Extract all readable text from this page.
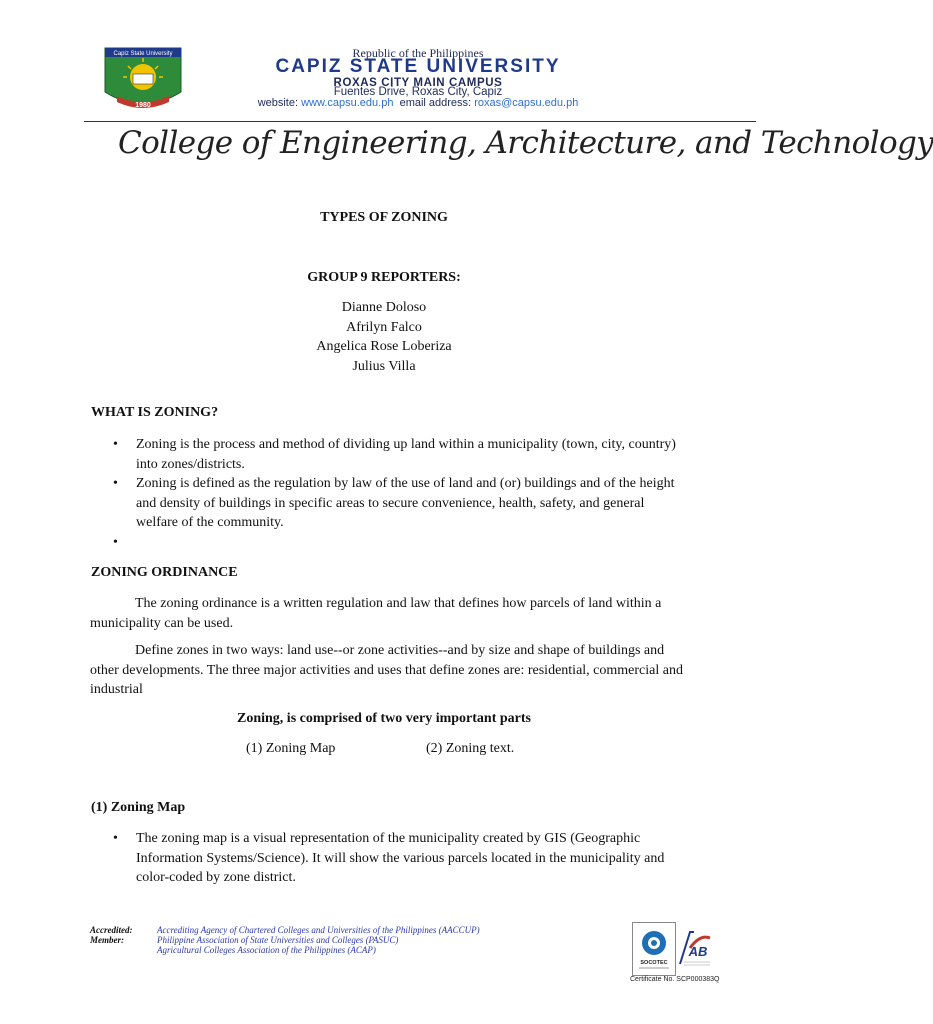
Capiz State University
1980
Republic of the Philippines
CAPIZ STATE UNIVERSITY
ROXAS CITY MAIN CAMPUS
Fuentes Drive, Roxas City, Capiz
website: www.capsu.edu.ph email address: roxas@capsu.edu.ph
College of Engineering, Architecture, and Technology
TYPES OF ZONING
GROUP 9 REPORTERS:
Dianne Doloso
Afrilyn Falco
Angelica Rose Loberiza
Julius Villa
WHAT IS ZONING?
• Zoning is the process and method of dividing up land within a municipality (town, city, country) into zones/districts.
• Zoning is defined as the regulation by law of the use of land and (or) buildings and of the height and density of buildings in specific areas to secure convenience, health, safety, and general welfare of the community.
•
ZONING ORDINANCE
The zoning ordinance is a written regulation and law that defines how parcels of land within a municipality can be used.
Define zones in two ways: land use--or zone activities--and by size and shape of buildings and other developments. The three major activities and uses that define zones are: residential, commercial and industrial
Zoning, is comprised of two very important parts
(1) Zoning Map	(2) Zoning text.
(1) Zoning Map
• The zoning map is a visual representation of the municipality created by GIS (Geographic Information Systems/Science). It will show the various parcels located in the municipality and color-coded by zone district.
Accredited:
Member:
Accrediting Agency of Chartered Colleges and Universities of the Philippines (AACCUP)
Philippine Association of State Universities and Colleges (PASUC)
Agricultural Colleges Association of the Philippines (ACAP)
SOCOTEC
AB
Certificate No. SCP000383Q
